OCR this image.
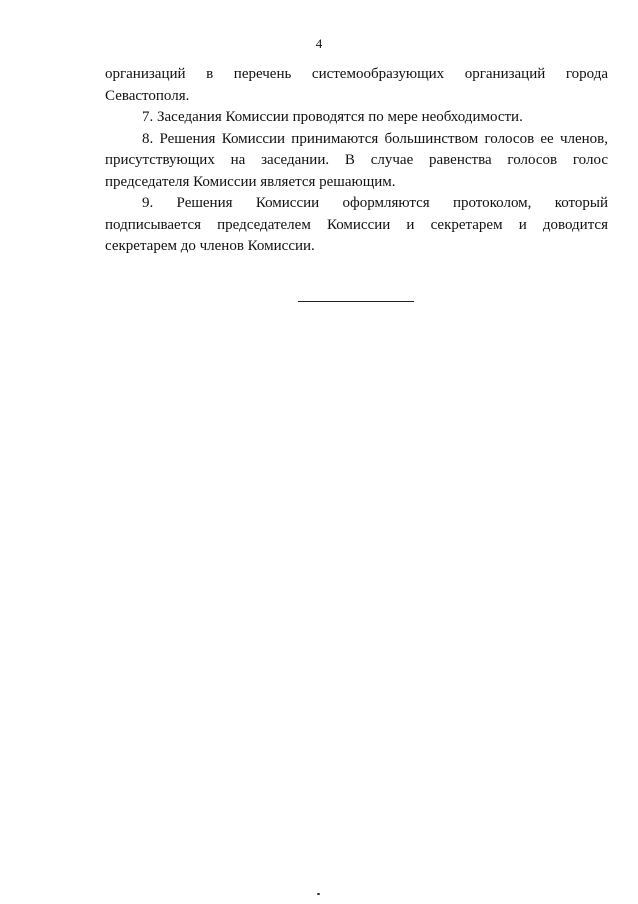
4

организаций в перечень системообразующих организаций города Севастополя.

7. Заседания Комиссии проводятся по мере необходимости.

8. Решения Комиссии принимаются большинством голосов ее членов, присутствующих на заседании. В случае равенства голосов голос председателя Комиссии является решающим.

9. Решения Комиссии оформляются протоколом, который подписывается председателем Комиссии и секретарем и доводится секретарем до членов Комиссии.
